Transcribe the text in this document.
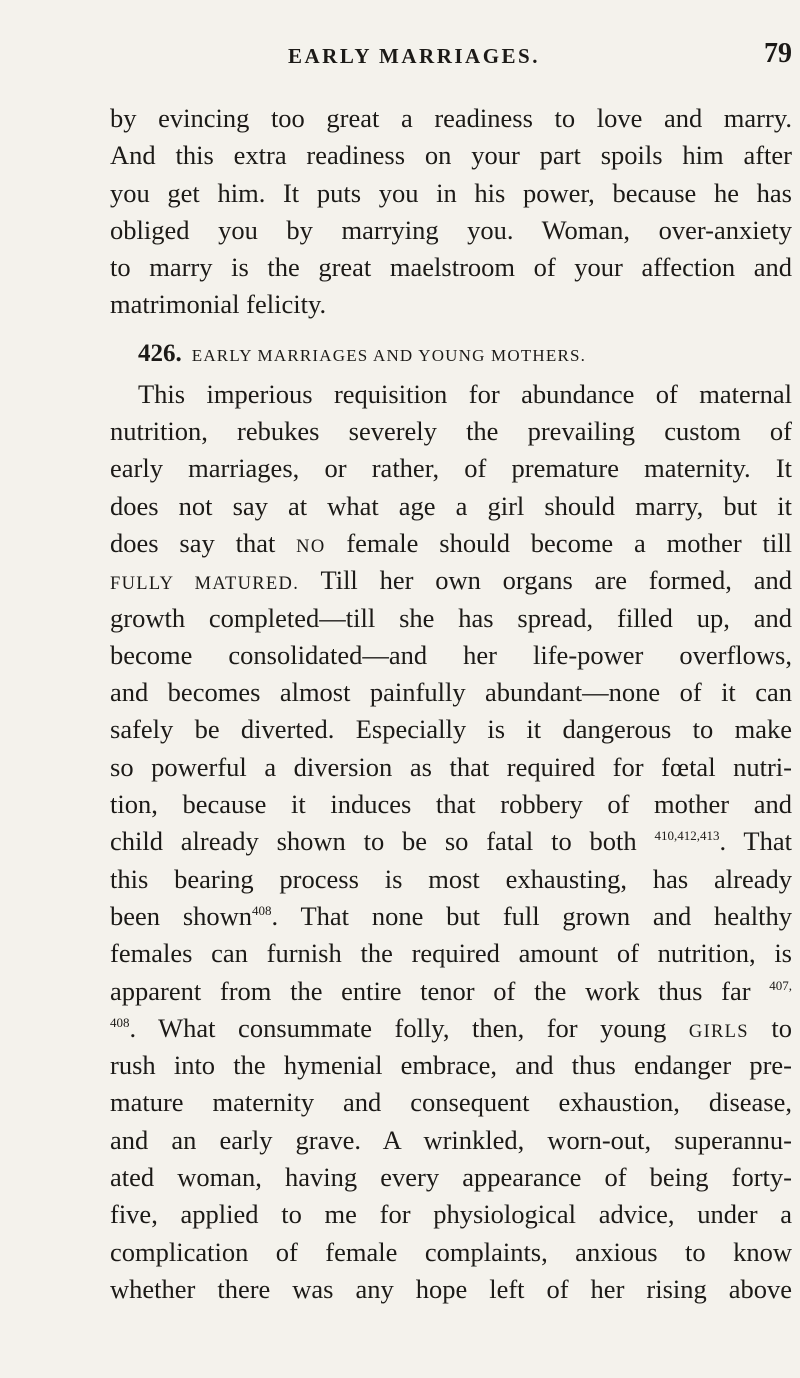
EARLY MARRIAGES.	79
by evincing too great a readiness to love and marry.
And this extra readiness on your part spoils him after
you get him. It puts you in his power, because he has
obliged you by marrying you. Woman, over-anxiety
to marry is the great maelstroom of your affection and
matrimonial felicity.
426. EARLY MARRIAGES AND YOUNG MOTHERS.
This imperious requisition for abundance of maternal
nutrition, rebukes severely the prevailing custom of
early marriages, or rather, of premature maternity. It
does not say at what age a girl should marry, but it
does say that NO female should become a mother till
FULLY MATURED. Till her own organs are formed, and
growth completed—till she has spread, filled up, and
become consolidated—and her life-power overflows,
and becomes almost painfully abundant—none of it can
safely be diverted. Especially is it dangerous to make
so powerful a diversion as that required for fœtal nutri-
tion, because it induces that robbery of mother and
child already shown to be so fatal to both $^{410,412,413}$. That
this bearing process is most exhausting, has already
been shown$^{408}$. That none but full grown and healthy
females can furnish the required amount of nutrition, is
apparent from the entire tenor of the work thus far $^{407,}$
$^{408}$. What consummate folly, then, for young GIRLS to
rush into the hymenial embrace, and thus endanger pre-
mature maternity and consequent exhaustion, disease,
and an early grave. A wrinkled, worn-out, superannu-
ated woman, having every appearance of being forty-
five, applied to me for physiological advice, under a
complication of female complaints, anxious to know
whether there was any hope left of her rising above
